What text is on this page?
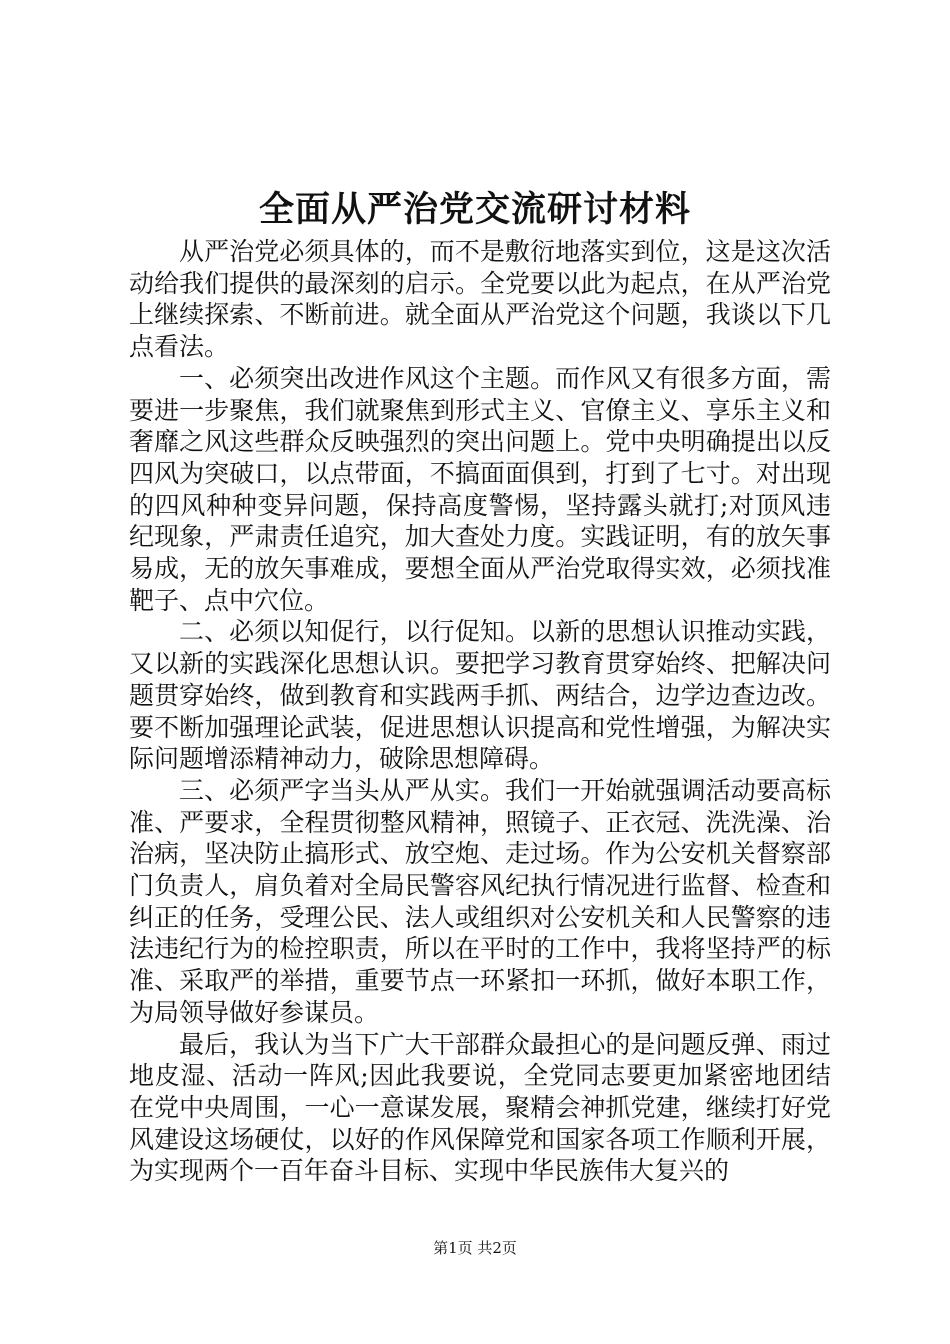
全面从严治党交流研讨材料

从严治党必须具体的，而不是敷衍地落实到位，这是这次活动给我们提供的最深刻的启示。全党要以此为起点，在从严治党上继续探索、不断前进。就全面从严治党这个问题，我谈以下几点看法。

一、必须突出改进作风这个主题。而作风又有很多方面，需要进一步聚焦，我们就聚焦到形式主义、官僚主义、享乐主义和奢靡之风这些群众反映强烈的突出问题上。党中央明确提出以反四风为突破口，以点带面，不搞面面俱到，打到了七寸。对出现的四风种种变异问题，保持高度警惕，坚持露头就打;对顶风违纪现象，严肃责任追究，加大查处力度。实践证明，有的放矢事易成，无的放矢事难成，要想全面从严治党取得实效，必须找准靶子、点中穴位。

二、必须以知促行，以行促知。以新的思想认识推动实践，又以新的实践深化思想认识。要把学习教育贯穿始终、把解决问题贯穿始终，做到教育和实践两手抓、两结合，边学边查边改。要不断加强理论武装，促进思想认识提高和党性增强，为解决实际问题增添精神动力，破除思想障碍。

三、必须严字当头从严从实。我们一开始就强调活动要高标准、严要求，全程贯彻整风精神，照镜子、正衣冠、洗洗澡、治治病，坚决防止搞形式、放空炮、走过场。作为公安机关督察部门负责人，肩负着对全局民警容风纪执行情况进行监督、检查和纠正的任务，受理公民、法人或组织对公安机关和人民警察的违法违纪行为的检控职责，所以在平时的工作中，我将坚持严的标准、采取严的举措，重要节点一环紧扣一环抓，做好本职工作，为局领导做好参谋员。

最后，我认为当下广大干部群众最担心的是问题反弹、雨过地皮湿、活动一阵风;因此我要说，全党同志要更加紧密地团结在党中央周围，一心一意谋发展，聚精会神抓党建，继续打好党风建设这场硬仗，以好的作风保障党和国家各项工作顺利开展，为实现两个一百年奋斗目标、实现中华民族伟大复兴的

第1页 共2页
